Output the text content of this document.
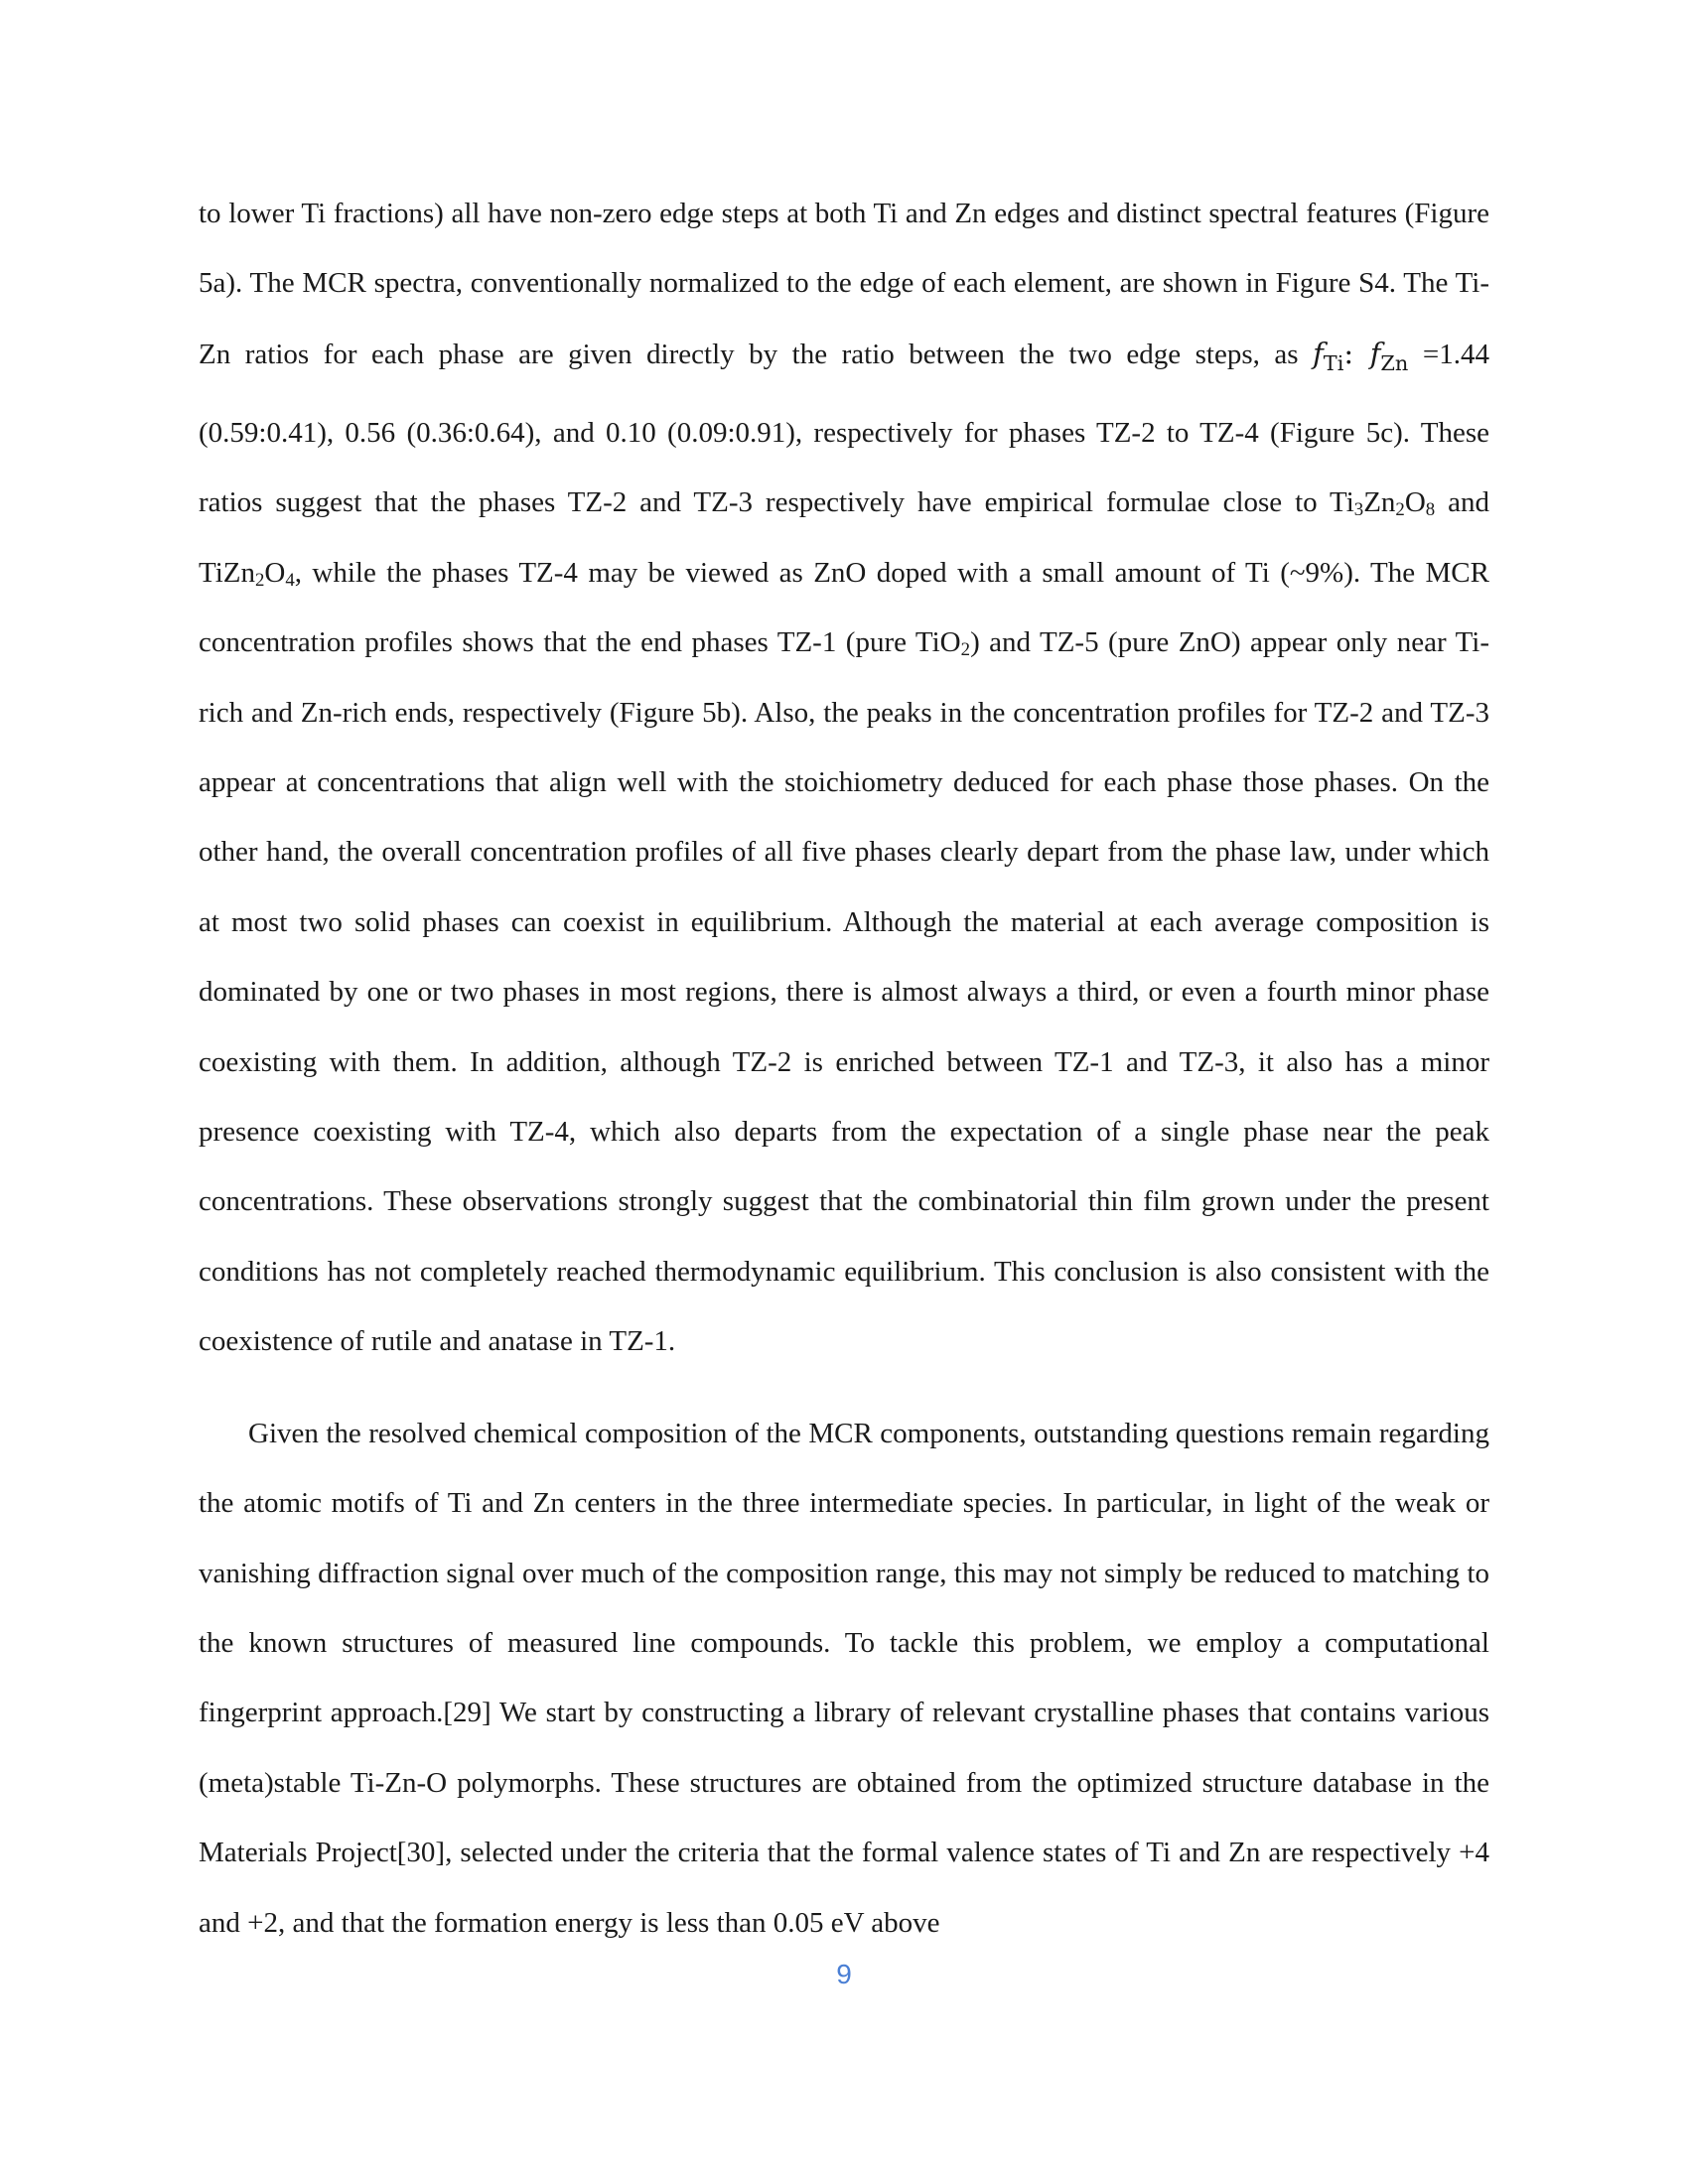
to lower Ti fractions) all have non-zero edge steps at both Ti and Zn edges and distinct spectral features (Figure 5a). The MCR spectra, conventionally normalized to the edge of each element, are shown in Figure S4. The Ti-Zn ratios for each phase are given directly by the ratio between the two edge steps, as $f_{Ti}$: $f_{Zn} =1.44$ (0.59:0.41), 0.56 (0.36:0.64), and 0.10 (0.09:0.91), respectively for phases TZ-2 to TZ-4 (Figure 5c). These ratios suggest that the phases TZ-2 and TZ-3 respectively have empirical formulae close to $Ti_3Zn_2O_8$ and $TiZn_2O_4$, while the phases TZ-4 may be viewed as ZnO doped with a small amount of Ti (~9%). The MCR concentration profiles shows that the end phases TZ-1 (pure TiO$_2$) and TZ-5 (pure ZnO) appear only near Ti-rich and Zn-rich ends, respectively (Figure 5b). Also, the peaks in the concentration profiles for TZ-2 and TZ-3 appear at concentrations that align well with the stoichiometry deduced for each phase those phases. On the other hand, the overall concentration profiles of all five phases clearly depart from the phase law, under which at most two solid phases can coexist in equilibrium. Although the material at each average composition is dominated by one or two phases in most regions, there is almost always a third, or even a fourth minor phase coexisting with them. In addition, although TZ-2 is enriched between TZ-1 and TZ-3, it also has a minor presence coexisting with TZ-4, which also departs from the expectation of a single phase near the peak concentrations. These observations strongly suggest that the combinatorial thin film grown under the present conditions has not completely reached thermodynamic equilibrium. This conclusion is also consistent with the coexistence of rutile and anatase in TZ-1.

Given the resolved chemical composition of the MCR components, outstanding questions remain regarding the atomic motifs of Ti and Zn centers in the three intermediate species. In particular, in light of the weak or vanishing diffraction signal over much of the composition range, this may not simply be reduced to matching to the known structures of measured line compounds. To tackle this problem, we employ a computational fingerprint approach.[29] We start by constructing a library of relevant crystalline phases that contains various (meta)stable Ti-Zn-O polymorphs. These structures are obtained from the optimized structure database in the Materials Project[30], selected under the criteria that the formal valence states of Ti and Zn are respectively +4 and +2, and that the formation energy is less than 0.05 eV above

9
